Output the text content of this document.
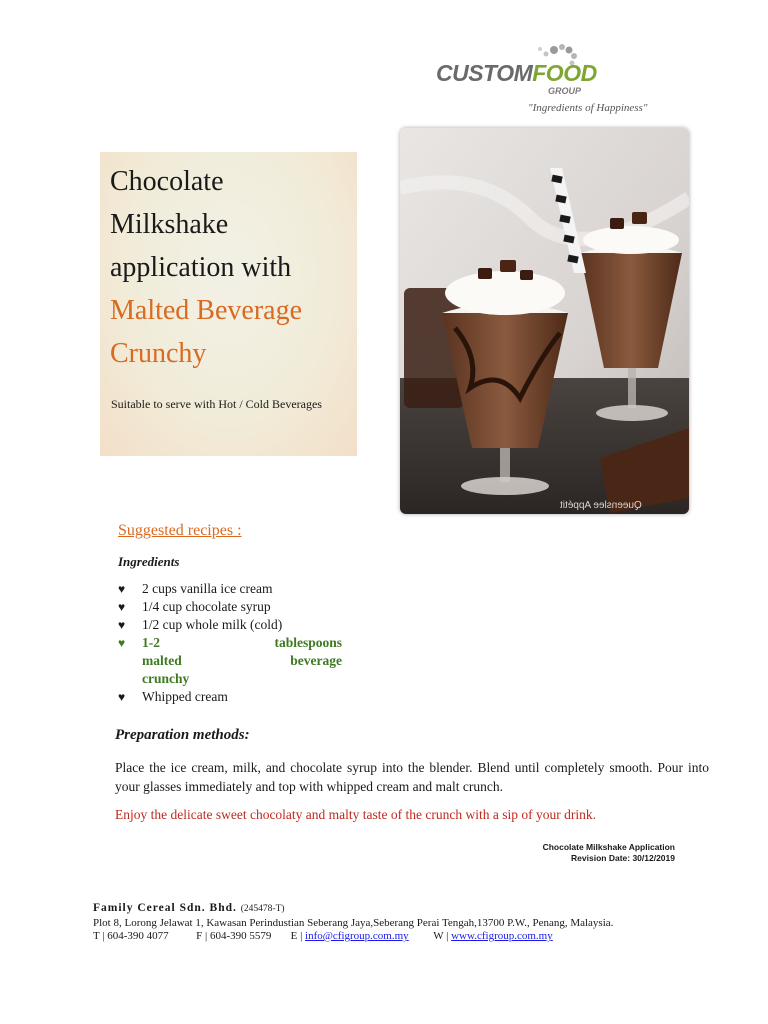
CUSTOMFOOD
GROUP
"Ingredients of Happiness"
Chocolate
Milkshake
application with
Malted Beverage
Crunchy
Suitable to serve with Hot / Cold Beverages
Queenslee Appétit
Suggested recipes :
Ingredients
♥ 2 cups vanilla ice cream
♥ 1/4 cup chocolate syrup
♥ 1/2 cup whole milk (cold)
♥ 1-2 tablespoons malted beverage crunchy
♥ Whipped cream
Preparation methods:
Place the ice cream, milk, and chocolate syrup into the blender. Blend until completely smooth. Pour into your glasses immediately and top with whipped cream and malt crunch.
Enjoy the delicate sweet chocolaty and malty taste of the crunch with a sip of your drink.
Chocolate Milkshake Application
Revision Date: 30/12/2019
Family Cereal Sdn. Bhd. (245478-T)
Plot 8, Lorong Jelawat 1, Kawasan Perindustian Seberang Jaya,Seberang Perai Tengah,13700 P.W., Penang, Malaysia.
T | 604-390 4077	F | 604-390 5579 E | info@cfigroup.com.my W | www.cfigroup.com.my
